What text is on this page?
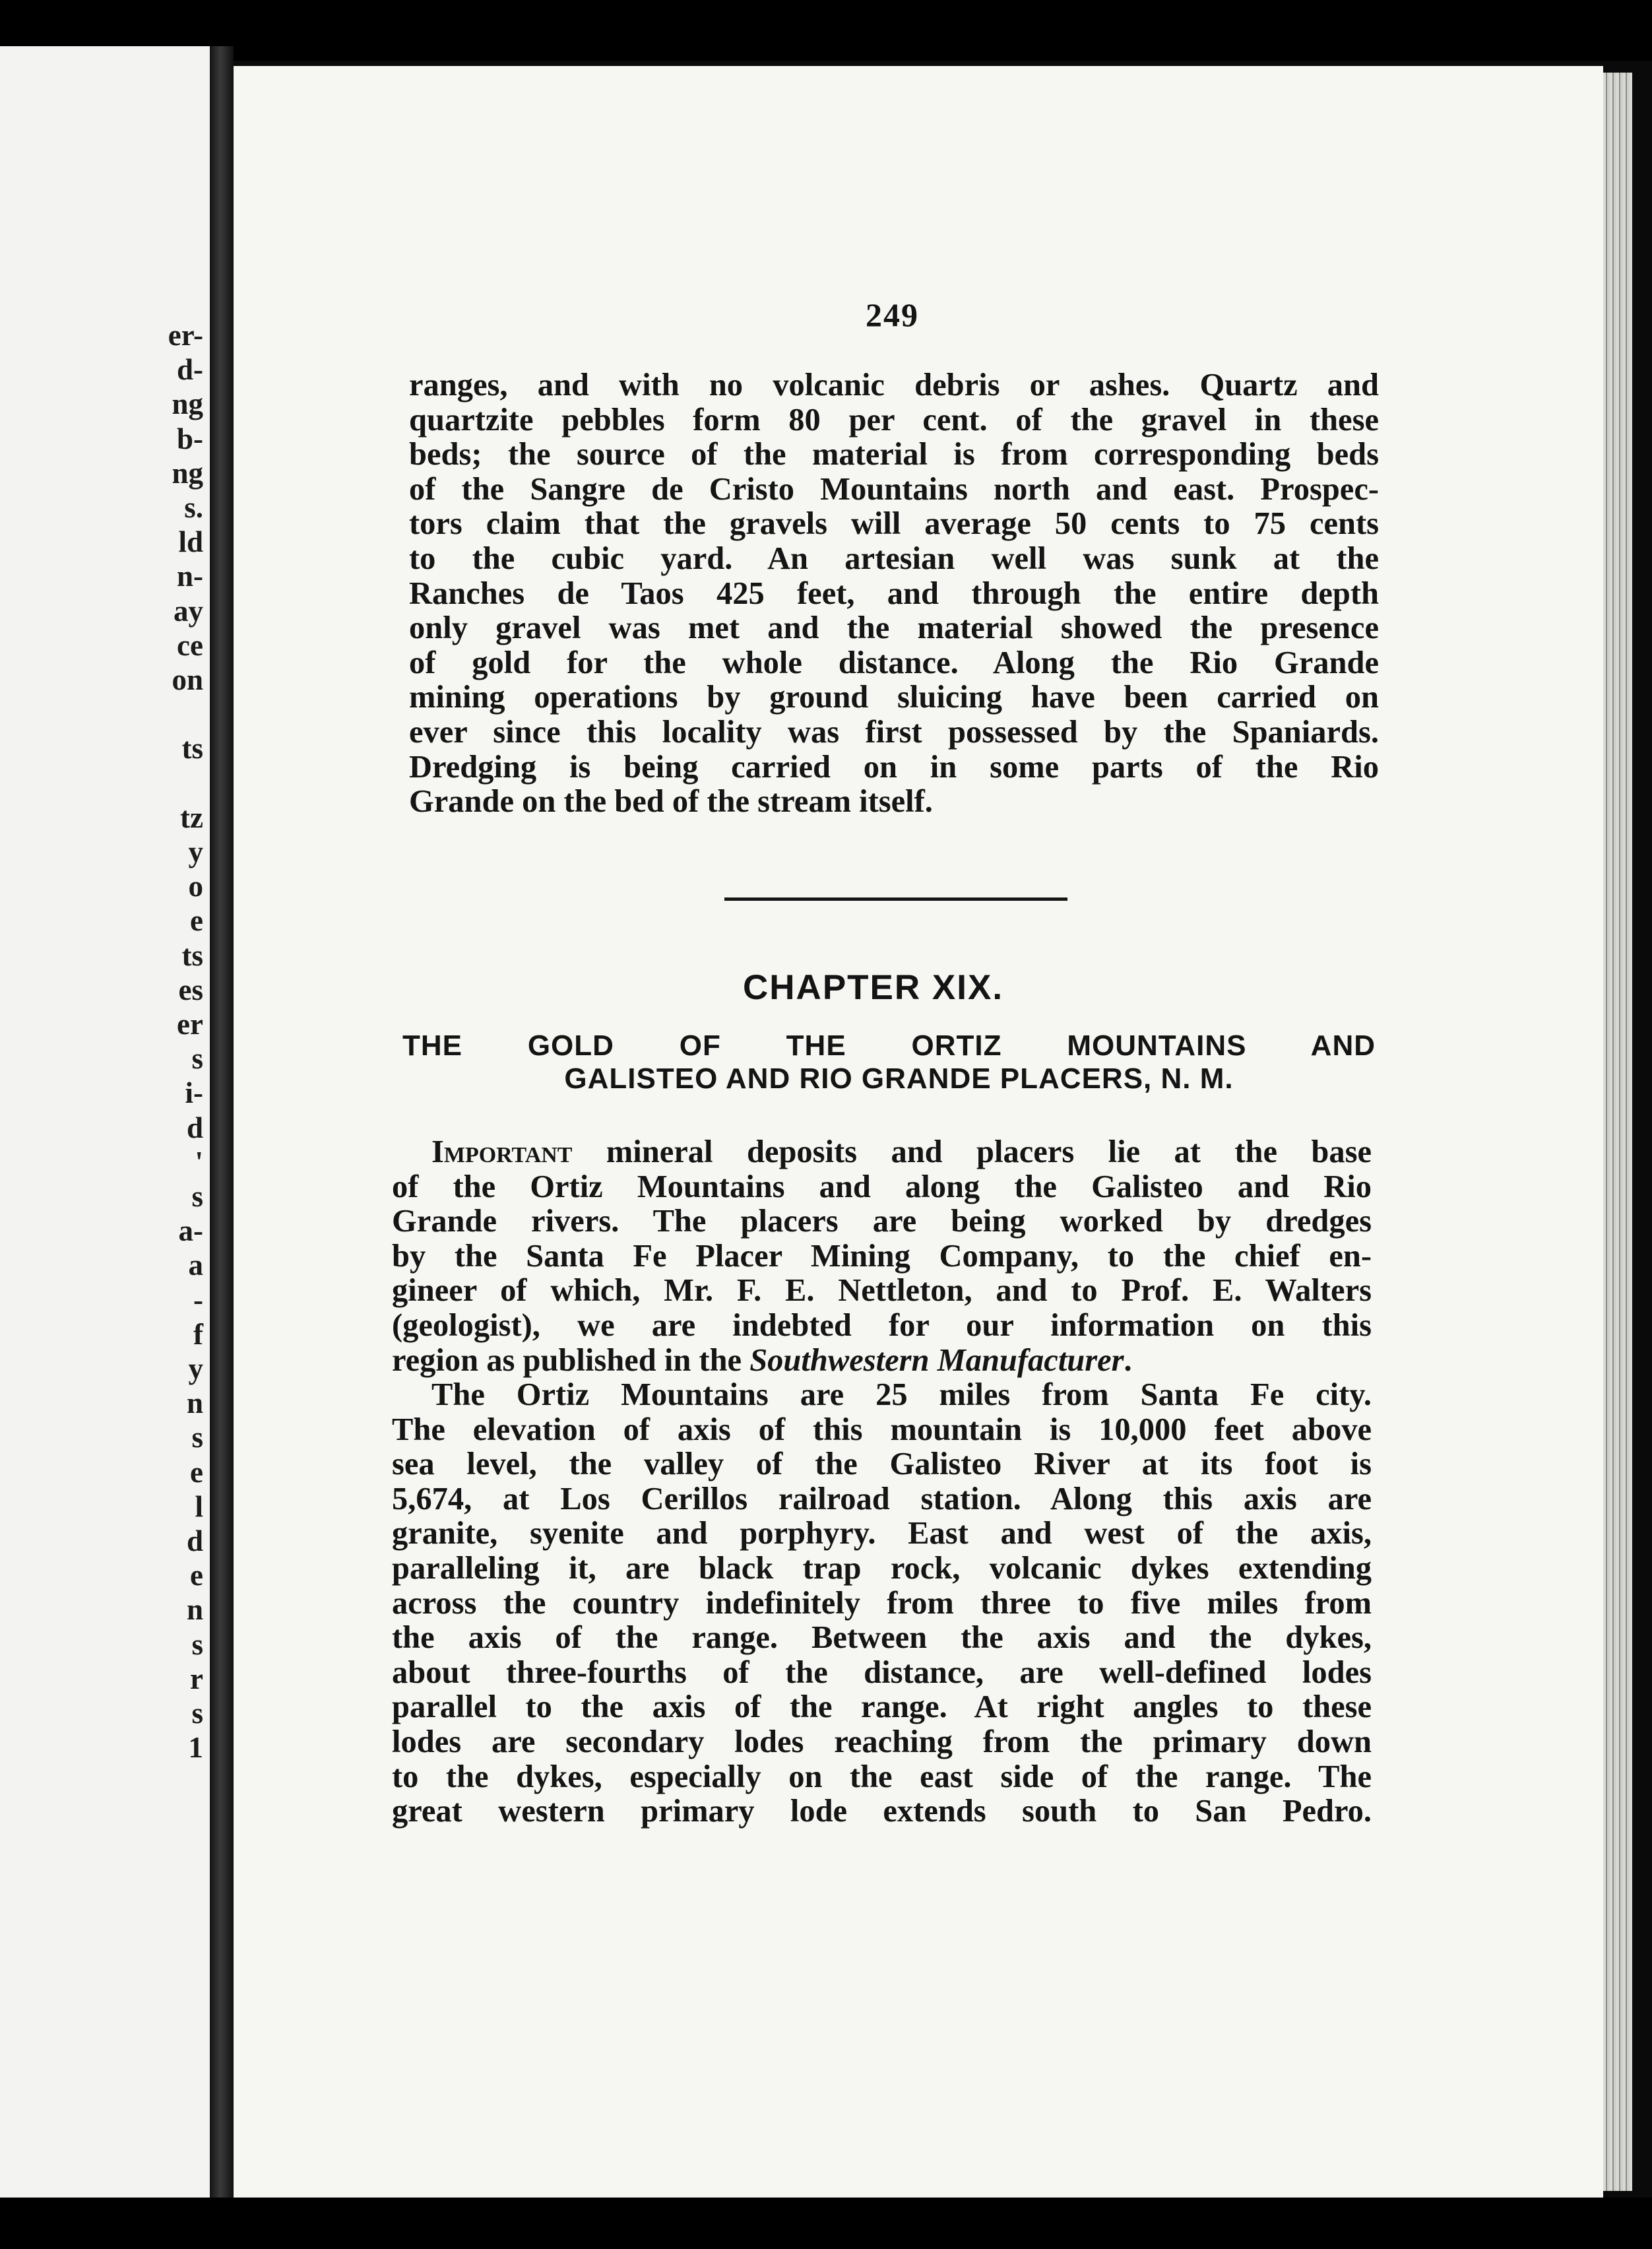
er-
d-
ng
b-
ng
s.
ld
n-
ay
ce
on
ts
tz
y
o
e
ts
es
er
s
i-
d
'
s
a-
a
-
f
y
n
s
e
l
d
e
n
s
r
s
1
249

ranges, and with no volcanic debris or ashes. Quartz and
quartzite pebbles form 80 per cent. of the gravel in these
beds; the source of the material is from corresponding beds
of the Sangre de Cristo Mountains north and east. Prospec-
tors claim that the gravels will average 50 cents to 75 cents
to the cubic yard. An artesian well was sunk at the
Ranches de Taos 425 feet, and through the entire depth
only gravel was met and the material showed the presence
of gold for the whole distance. Along the Rio Grande
mining operations by ground sluicing have been carried on
ever since this locality was first possessed by the Spaniards.
Dredging is being carried on in some parts of the Rio
Grande on the bed of the stream itself.

CHAPTER XIX.

THE GOLD OF THE ORTIZ MOUNTAINS AND
GALISTEO AND RIO GRANDE PLACERS, N. M.

Important mineral deposits and placers lie at the base
of the Ortiz Mountains and along the Galisteo and Rio
Grande rivers. The placers are being worked by dredges
by the Santa Fe Placer Mining Company, to the chief en-
gineer of which, Mr. F. E. Nettleton, and to Prof. E. Walters
(geologist), we are indebted for our information on this
region as published in the Southwestern Manufacturer.

The Ortiz Mountains are 25 miles from Santa Fe city.
The elevation of axis of this mountain is 10,000 feet above
sea level, the valley of the Galisteo River at its foot is
5,674, at Los Cerillos railroad station. Along this axis are
granite, syenite and porphyry. East and west of the axis,
paralleling it, are black trap rock, volcanic dykes extending
across the country indefinitely from three to five miles from
the axis of the range. Between the axis and the dykes,
about three-fourths of the distance, are well-defined lodes
parallel to the axis of the range. At right angles to these
lodes are secondary lodes reaching from the primary down
to the dykes, especially on the east side of the range. The
great western primary lode extends south to San Pedro.
